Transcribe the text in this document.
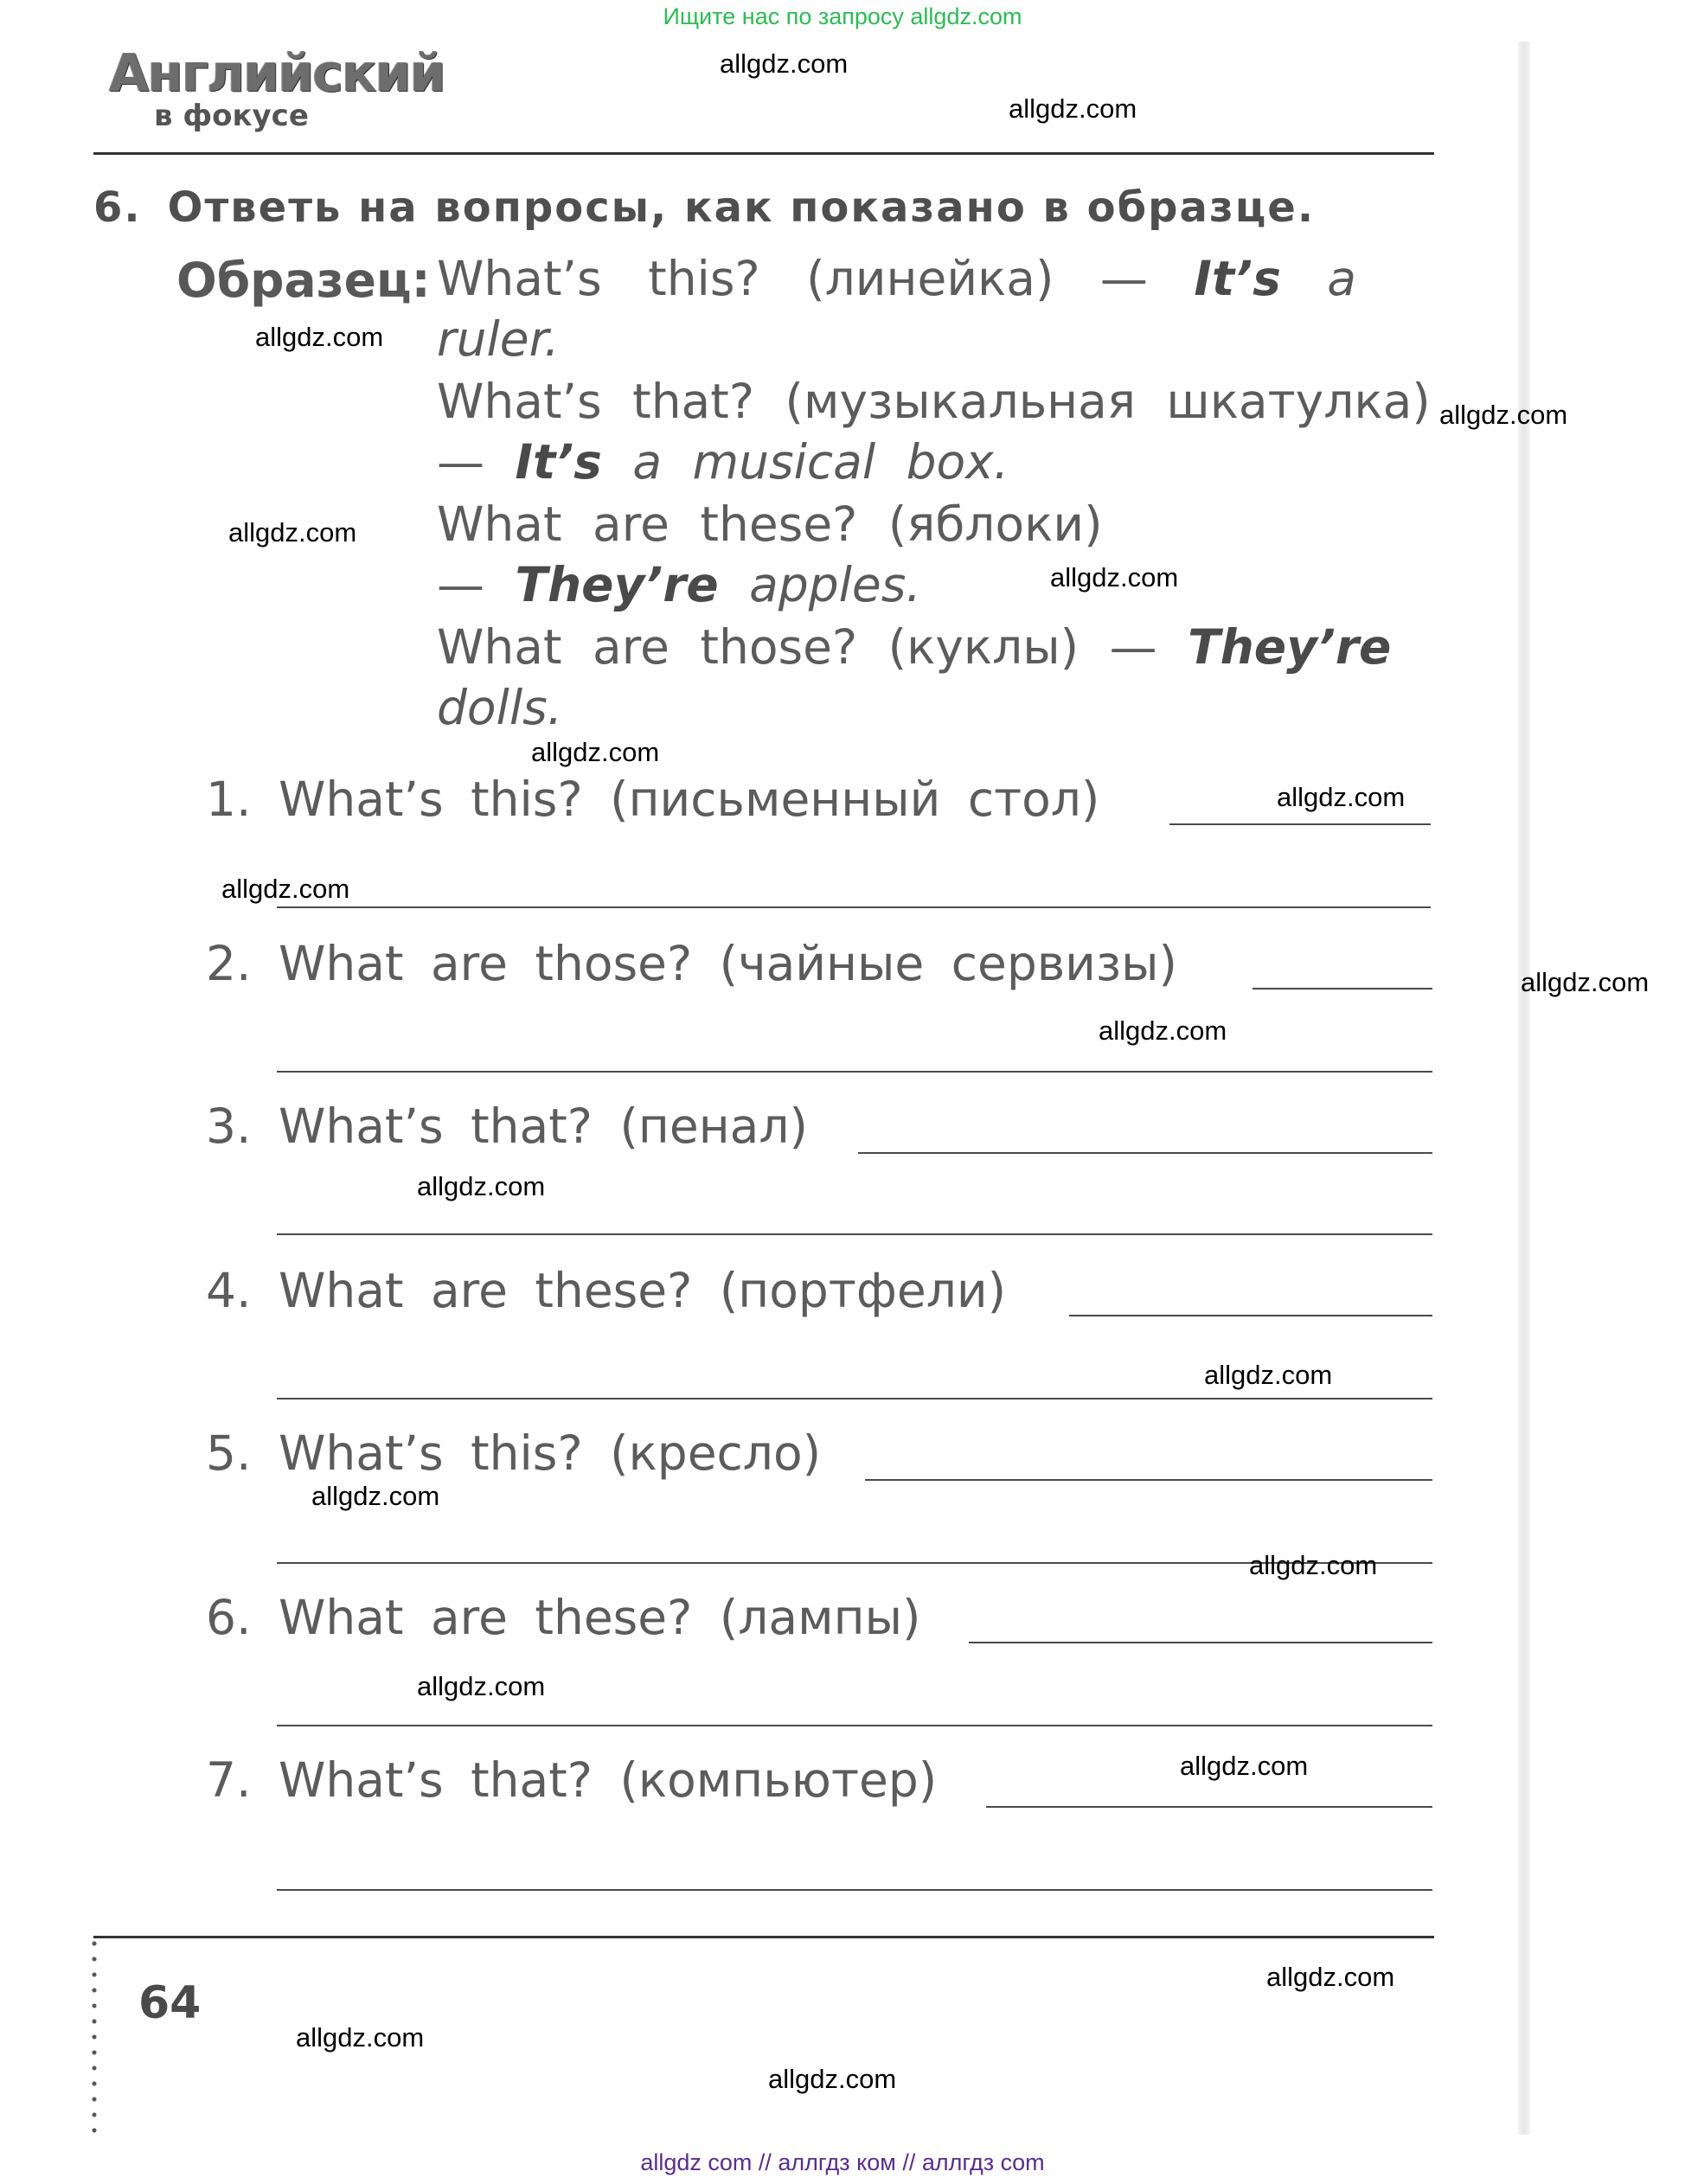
Ищите нас по запросу allgdz.com
Английский
в фокусе
6. Ответь на вопросы, как показано в образце.
Образец: What’s this? (линейка) — It’s a
ruler.
What’s that? (музыкальная шкатулка)
— It’s a musical box.
What are these? (яблоки)
— They’re apples.
What are those? (куклы) — They’re
dolls.
1. What’s this? (письменный стол)
2. What are those? (чайные сервизы)
3. What’s that? (пенал)
4. What are these? (портфели)
5. What’s this? (кресло)
6. What are these? (лампы)
7. What’s that? (компьютер)
64
allgdz.com
allgdz.com
allgdz.com
allgdz.com
allgdz.com
allgdz.com
allgdz.com
allgdz.com
allgdz.com
allgdz.com
allgdz.com
allgdz.com
allgdz.com
allgdz.com
allgdz.com
allgdz.com
allgdz.com
allgdz.com
allgdz.com
allgdz.com
allgdz com // аллгдз ком // аллгдз com
